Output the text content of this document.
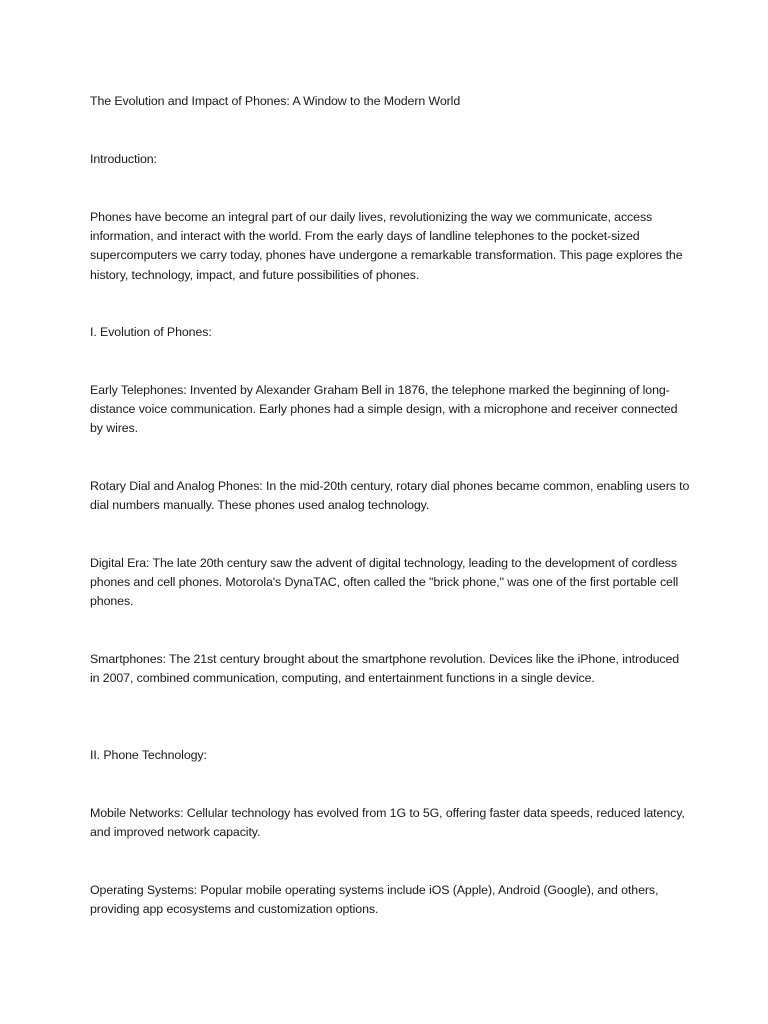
The Evolution and Impact of Phones: A Window to the Modern World

Introduction:

Phones have become an integral part of our daily lives, revolutionizing the way we communicate, access information, and interact with the world. From the early days of landline telephones to the pocket-sized supercomputers we carry today, phones have undergone a remarkable transformation. This page explores the history, technology, impact, and future possibilities of phones.

I. Evolution of Phones:

Early Telephones: Invented by Alexander Graham Bell in 1876, the telephone marked the beginning of long-distance voice communication. Early phones had a simple design, with a microphone and receiver connected by wires.

Rotary Dial and Analog Phones: In the mid-20th century, rotary dial phones became common, enabling users to dial numbers manually. These phones used analog technology.

Digital Era: The late 20th century saw the advent of digital technology, leading to the development of cordless phones and cell phones. Motorola's DynaTAC, often called the "brick phone," was one of the first portable cell phones.

Smartphones: The 21st century brought about the smartphone revolution. Devices like the iPhone, introduced in 2007, combined communication, computing, and entertainment functions in a single device.

II. Phone Technology:

Mobile Networks: Cellular technology has evolved from 1G to 5G, offering faster data speeds, reduced latency, and improved network capacity.

Operating Systems: Popular mobile operating systems include iOS (Apple), Android (Google), and others, providing app ecosystems and customization options.
